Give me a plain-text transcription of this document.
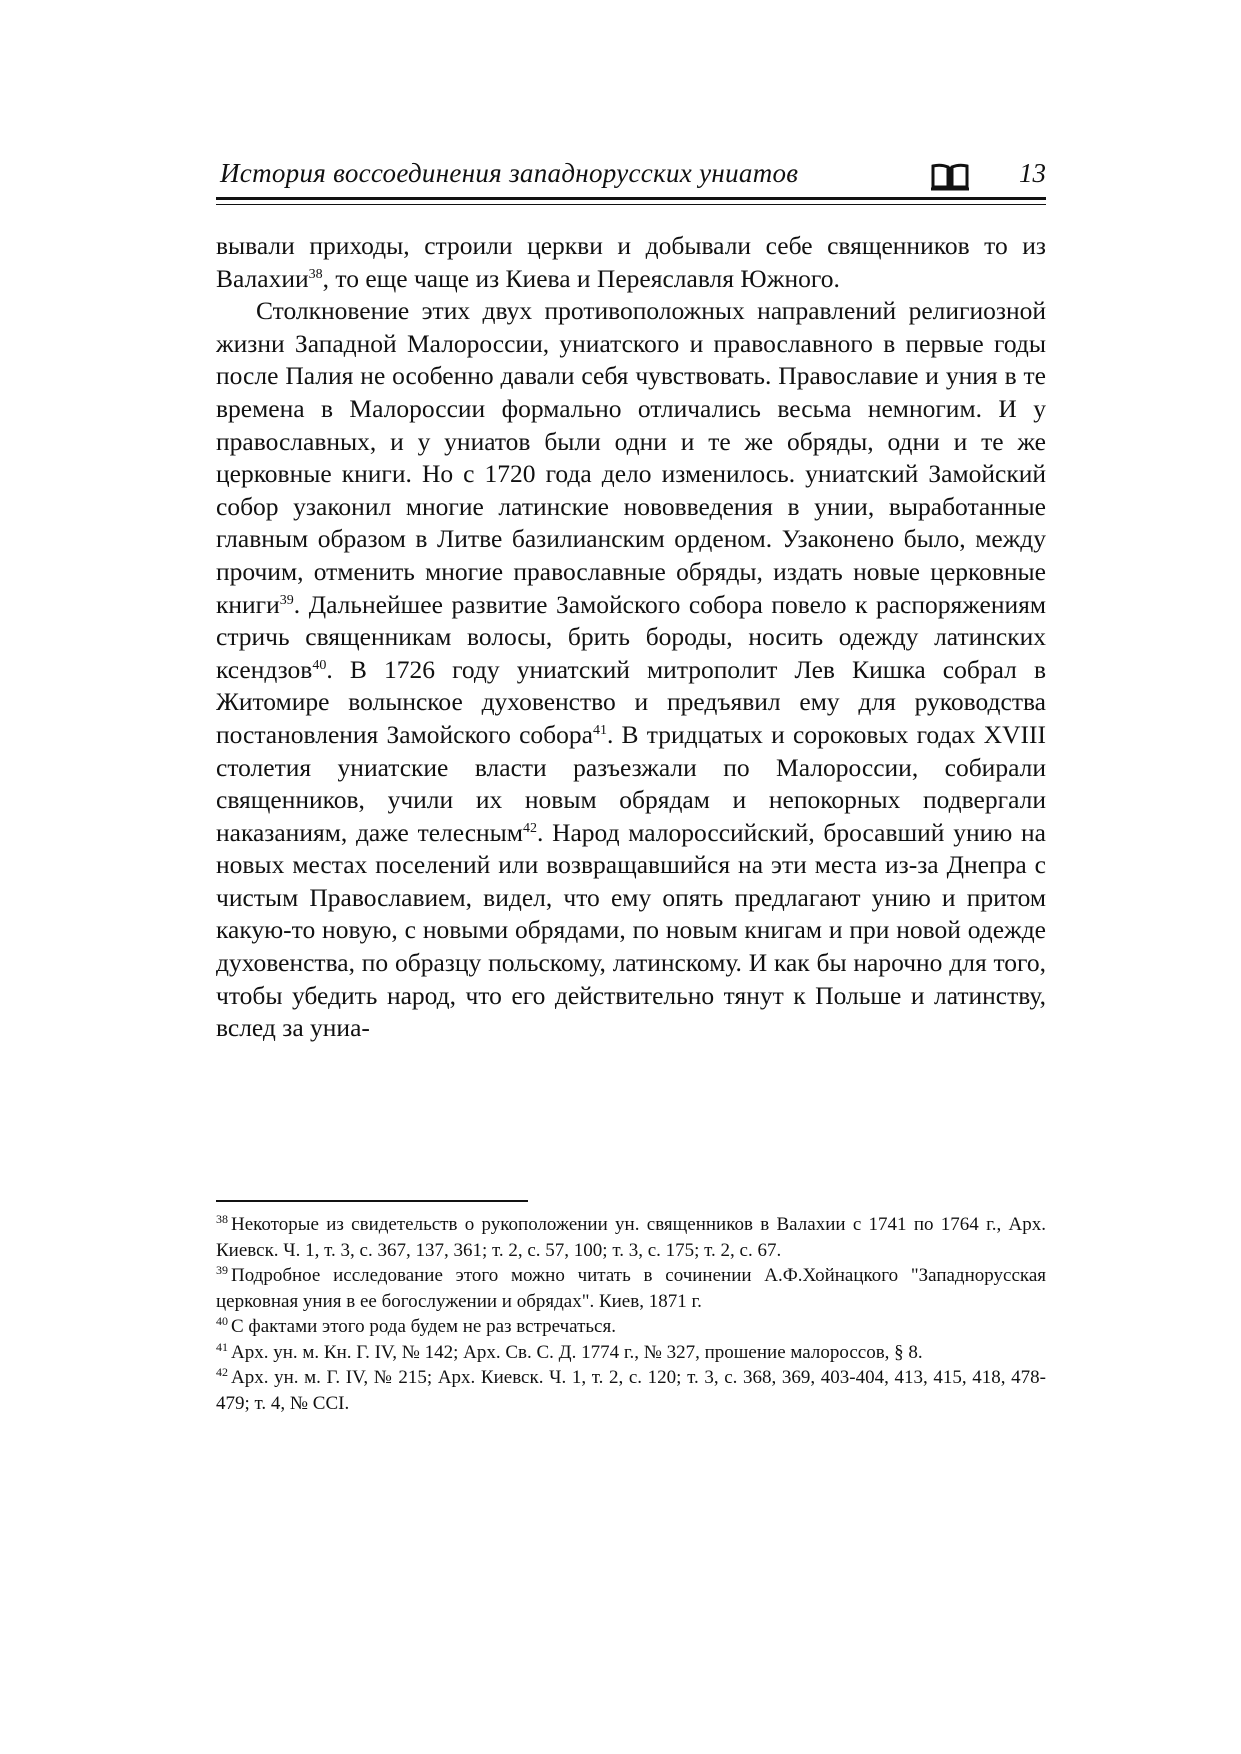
История воссоединения западнорусских униатов	13

вывали приходы, строили церкви и добывали себе священников то из Валахии$^{38}$, то еще чаще из Киева и Переяславля Южного.

Столкновение этих двух противоположных направлений религиозной жизни Западной Малороссии, униатского и православного в первые годы после Палия не особенно давали себя чувствовать. Православие и уния в те времена в Малороссии формально отличались весьма немногим. И у православных, и у униатов были одни и те же обряды, одни и те же церковные книги. Но с 1720 года дело изменилось. униатский Замойский собор узаконил многие латинские нововведения в унии, выработанные главным образом в Литве базилианским орденом. Узаконено было, между прочим, отменить многие православные обряды, издать новые церковные книги$^{39}$. Дальнейшее развитие Замойского собора повело к распоряжениям стричь священникам волосы, брить бороды, носить одежду латинских ксендзов$^{40}$. В 1726 году униатский митрополит Лев Кишка собрал в Житомире волынское духовенство и предъявил ему для руководства постановления Замойского собора$^{41}$. В тридцатых и сороковых годах XVIII столетия униатские власти разъезжали по Малороссии, собирали священников, учили их новым обрядам и непокорных подвергали наказаниям, даже телесным$^{42}$. Народ малороссийский, бросавший унию на новых местах поселений или возвращавшийся на эти места из-за Днепра с чистым Православием, видел, что ему опять предлагают унию и притом какую-то новую, с новыми обрядами, по новым книгам и при новой одежде духовенства, по образцу польскому, латинскому. И как бы нарочно для того, чтобы убедить народ, что его действительно тянут к Польше и латинству, вслед за униа-

$^{38}$ Некоторые из свидетельств о рукоположении ун. священников в Валахии с 1741 по 1764 г., Арх. Киевск. Ч. 1, т. 3, с. 367, 137, 361; т. 2, с. 57, 100; т. 3, с. 175; т. 2, с. 67.

$^{39}$ Подробное исследование этого можно читать в сочинении А.Ф.Хойнацкого "Западнорусская церковная уния в ее богослужении и обрядах". Киев, 1871 г.

$^{40}$ С фактами этого рода будем не раз встречаться.

$^{41}$ Арх. ун. м. Кн. Г. IV, № 142; Арх. Св. С. Д. 1774 г., № 327, прошение малороссов, § 8.

$^{42}$ Арх. ун. м. Г. IV, № 215; Арх. Киевск. Ч. 1, т. 2, с. 120; т. 3, с. 368, 369, 403-404, 413, 415, 418, 478-479; т. 4, № CCI.
